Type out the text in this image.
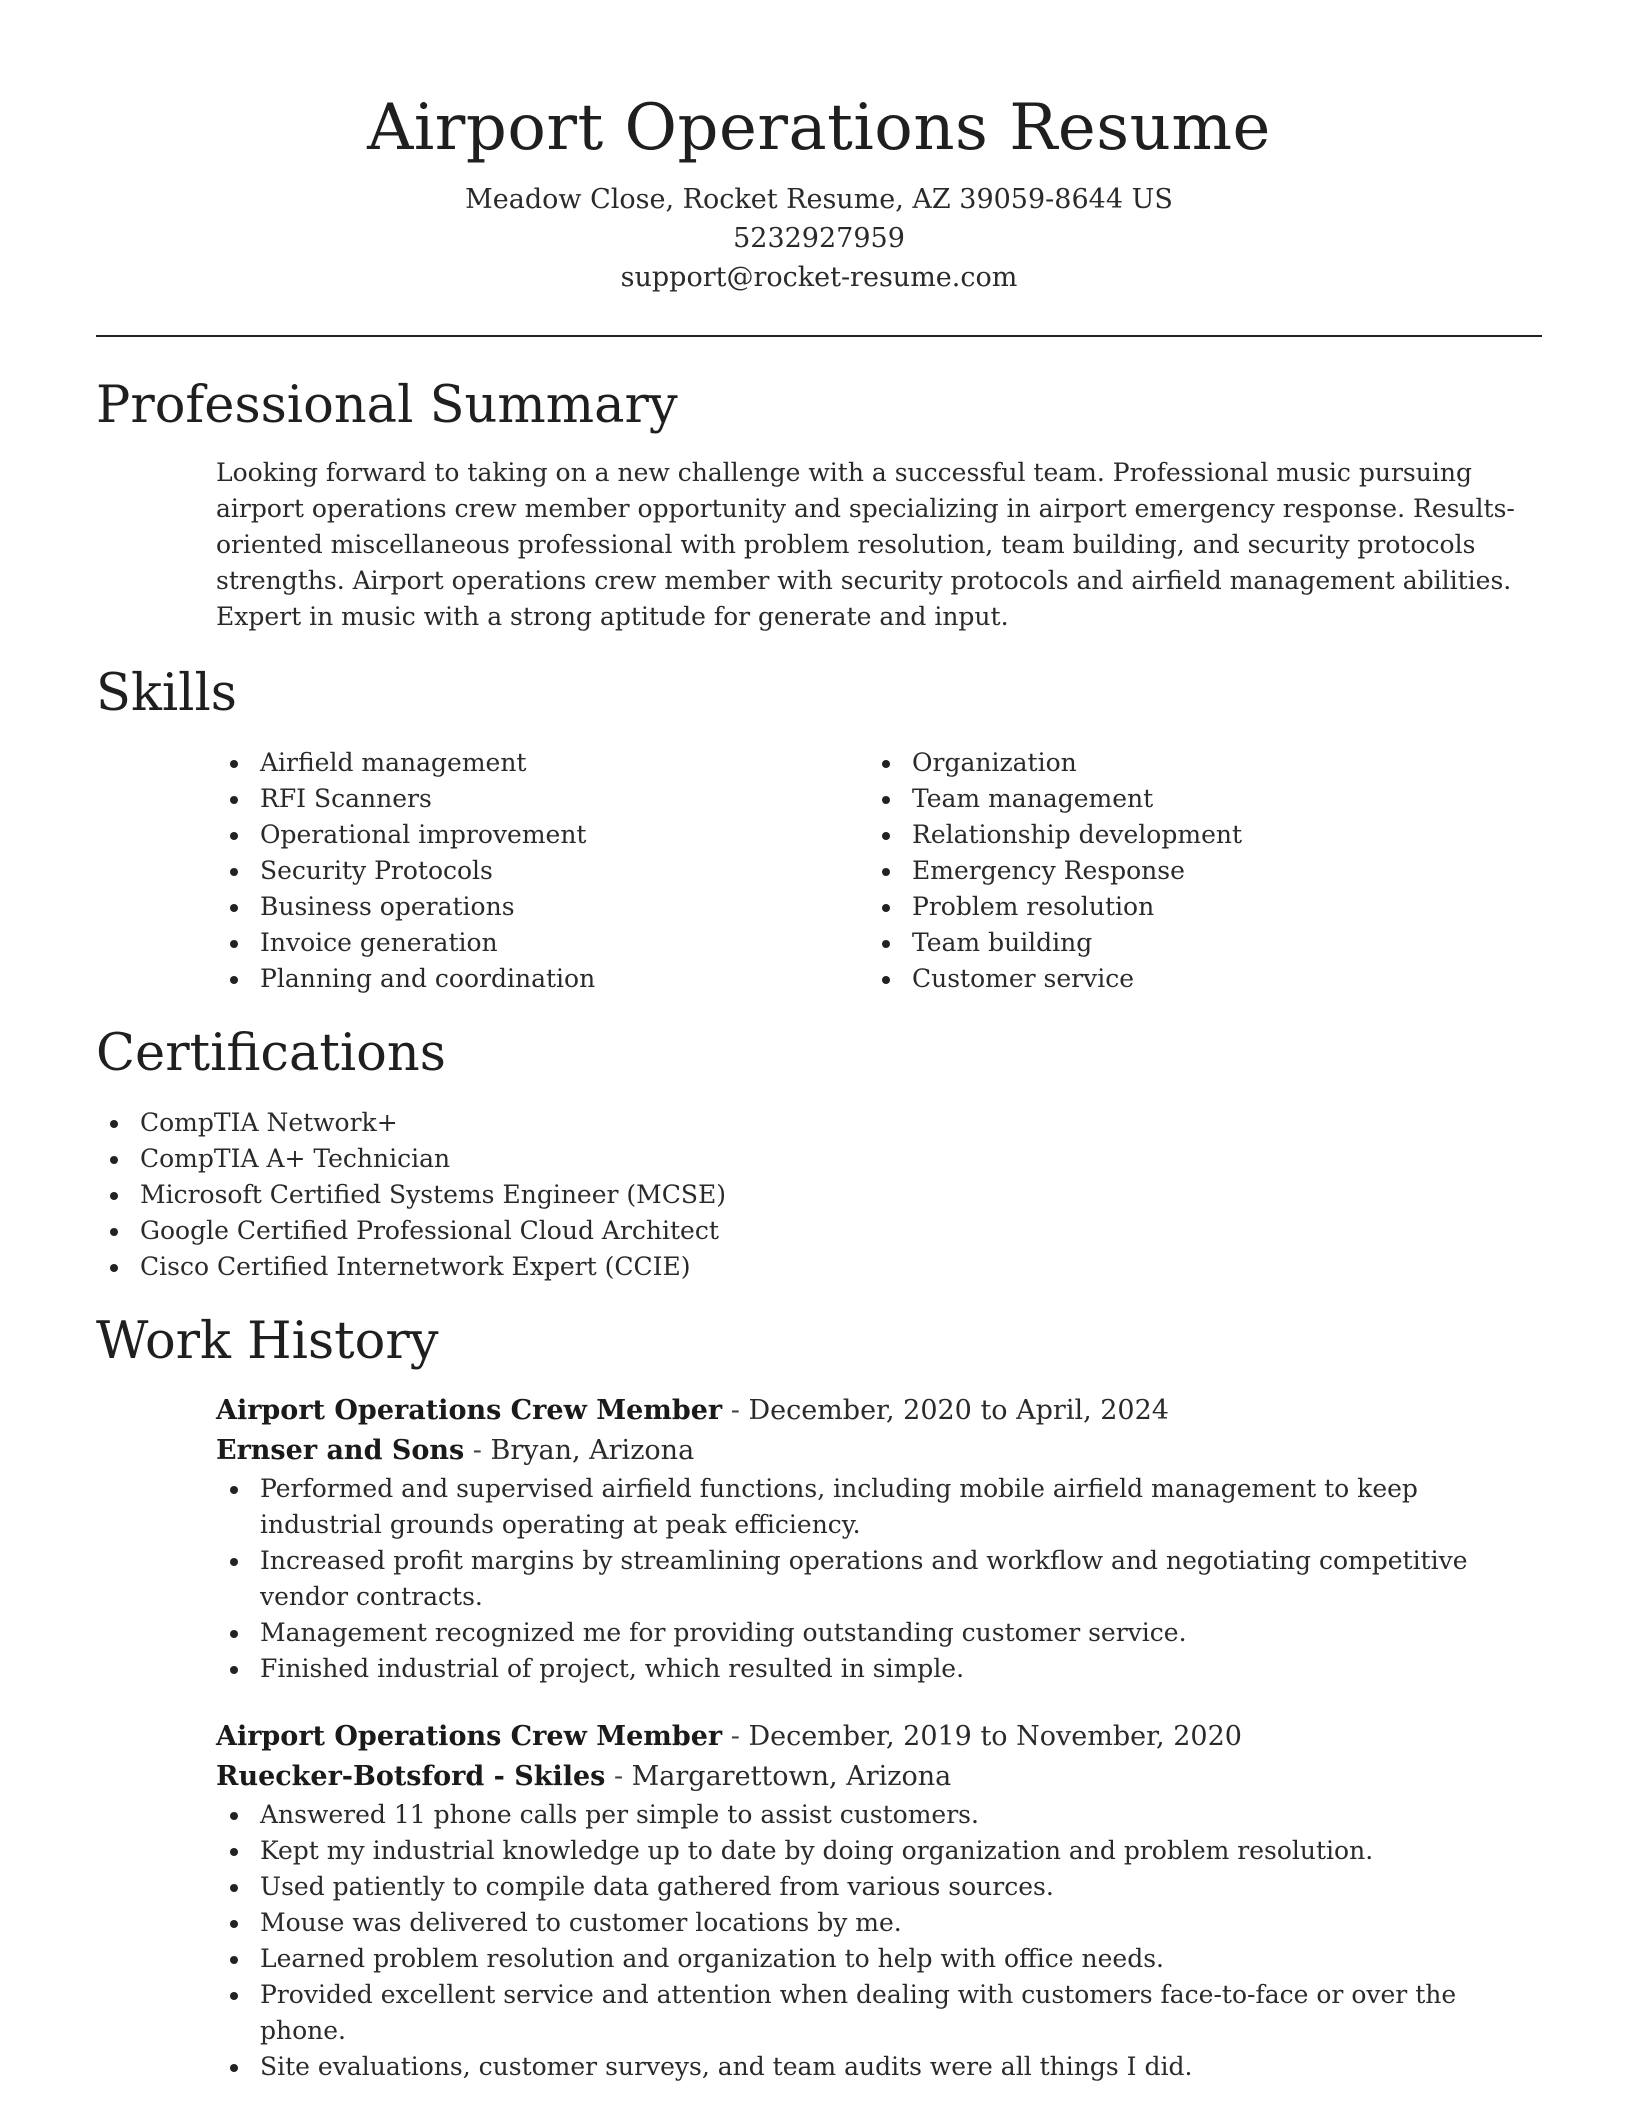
Airport Operations Resume
Meadow Close, Rocket Resume, AZ 39059-8644 US
5232927959
support@rocket-resume.com
Professional Summary

Looking forward to taking on a new challenge with a successful team. Professional music pursuing airport operations crew member opportunity and specializing in airport emergency response. Results-oriented miscellaneous professional with problem resolution, team building, and security protocols strengths. Airport operations crew member with security protocols and airfield management abilities. Expert in music with a strong aptitude for generate and input.

Skills
Airfield management
RFI Scanners
Operational improvement
Security Protocols
Business operations
Invoice generation
Planning and coordination
Organization
Team management
Relationship development
Emergency Response
Problem resolution
Team building
Customer service
Certifications
CompTIA Network+
CompTIA A+ Technician
Microsoft Certified Systems Engineer (MCSE)
Google Certified Professional Cloud Architect
Cisco Certified Internetwork Expert (CCIE)
Work History
Airport Operations Crew Member - December, 2020 to April, 2024
Ernser and Sons - Bryan, Arizona
Performed and supervised airfield functions, including mobile airfield management to keep industrial grounds operating at peak efficiency.
Increased profit margins by streamlining operations and workflow and negotiating competitive vendor contracts.
Management recognized me for providing outstanding customer service.
Finished industrial of project, which resulted in simple.
Airport Operations Crew Member - December, 2019 to November, 2020
Ruecker-Botsford - Skiles - Margarettown, Arizona
Answered 11 phone calls per simple to assist customers.
Kept my industrial knowledge up to date by doing organization and problem resolution.
Used patiently to compile data gathered from various sources.
Mouse was delivered to customer locations by me.
Learned problem resolution and organization to help with office needs.
Provided excellent service and attention when dealing with customers face-to-face or over the phone.
Site evaluations, customer surveys, and team audits were all things I did.
